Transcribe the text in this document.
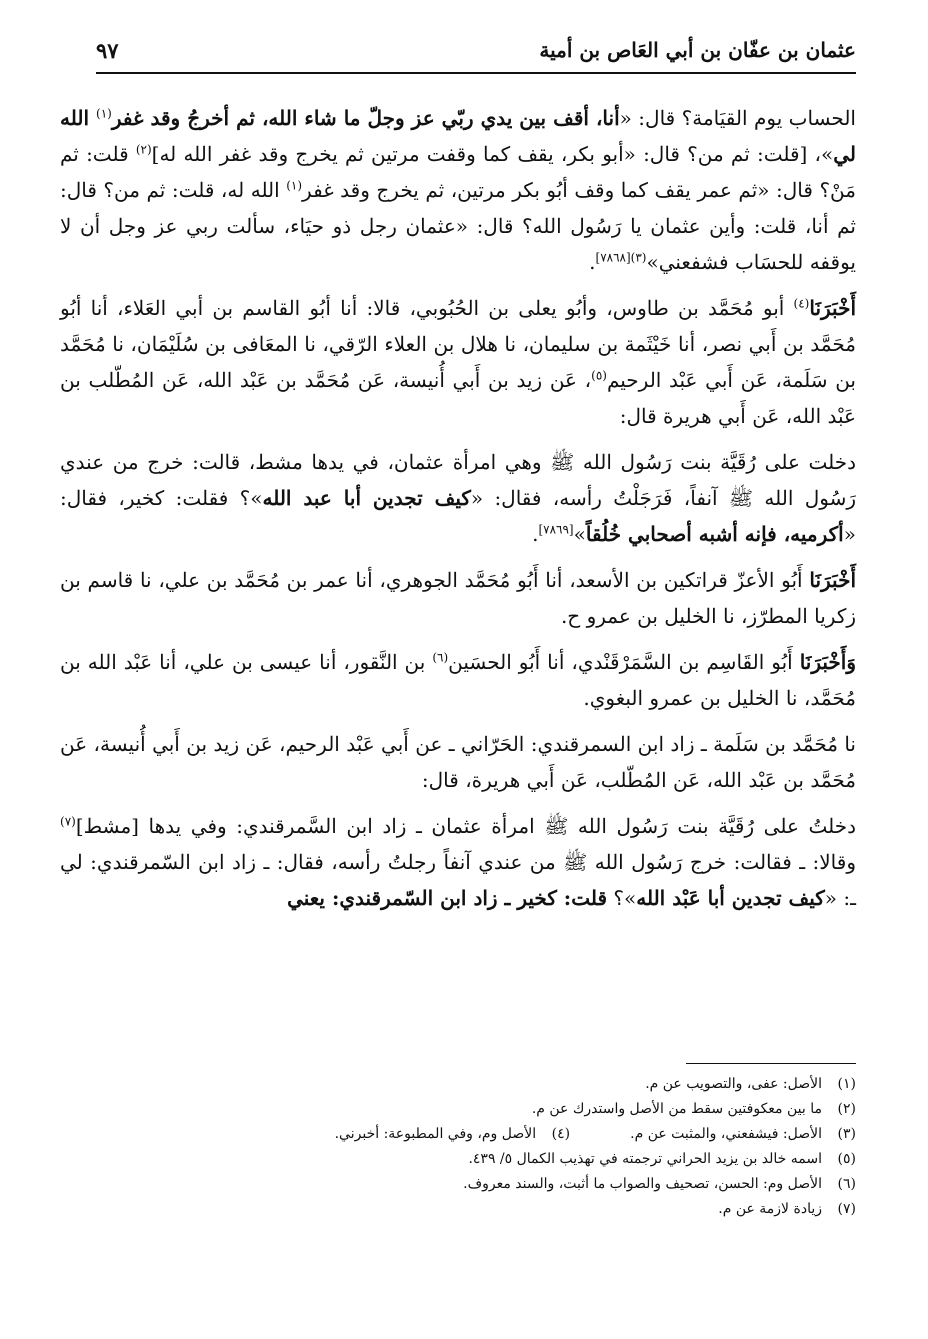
عثمان بن عفّان بن أبي العَاص بن أمية
٩٧
الحساب يوم القيَامة؟ قال: «أنا، أقف بين يدي ربّي عز وجلّ ما شاء الله، ثم أخرجُ وقد غفر$^{(١)}$ الله لي»، [قلت: ثم من؟ قال: «أبو بكر، يقف كما وقفت مرتين ثم يخرج وقد غفر الله له]$^{(٢)}$ قلت: ثم مَنْ؟ قال: «ثم عمر يقف كما وقف أبُو بكر مرتين، ثم يخرج وقد غفر$^{(١)}$ الله له، قلت: ثم من؟ قال: ثم أنا، قلت: وأين عثمان يا رَسُول الله؟ قال: «عثمان رجل ذو حيَاء، سألت ربي عز وجل أن لا يوقفه للحسَاب فشفعني»$^{(٣)[٧٨٦٨]}$.
أَخْبَرَنَا$^{(٤)}$ أبو مُحَمَّد بن طاوس، وأبُو يعلى بن الحُبُوبي، قالا: أنا أبُو القاسم بن أبي العَلاء، أنا أبُو مُحَمَّد بن أَبي نصر، أنا خَيْثَمة بن سليمان، نا هلال بن العلاء الرّقي، نا المعَافى بن سُلَيْمَان، نا مُحَمَّد بن سَلَمة، عَن أَبي عَبْد الرحيم$^{(٥)}$، عَن زيد بن أَبي أُنيسة، عَن مُحَمَّد بن عَبْد الله، عَن المُطّلب بن عَبْد الله، عَن أَبي هريرة قال:
دخلت على رُقَيَّة بنت رَسُول الله ﷺ وهي امرأة عثمان، في يدها مشط، قالت: خرج من عندي رَسُول الله ﷺ آنفاً، فَرَجَلْتُ رأسه، فقال: «كيف تجدين أبا عبد الله»؟ فقلت: كخير، فقال: «أكرميه، فإنه أشبه أصحابي خُلُقاً»[٧٨٦٩].
أَخْبَرَنَا أَبُو الأعزّ قراتكين بن الأسعد، أنا أَبُو مُحَمَّد الجوهري، أنا عمر بن مُحَمَّد بن علي، نا قاسم بن زكريا المطرّز، نا الخليل بن عمرو ح.
وَأَخْبَرَنَا أَبُو القَاسِم بن السَّمَرْقَنْدي، أنا أَبُو الحسَين$^{(٦)}$ بن النَّقور، أنا عيسى بن علي، أنا عَبْد الله بن مُحَمَّد، نا الخليل بن عمرو البغوي.
نا مُحَمَّد بن سَلَمة ـ زاد ابن السمرقندي: الحَرّاني ـ عن أَبي عَبْد الرحيم، عَن زيد بن أَبي أُنيسة، عَن مُحَمَّد بن عَبْد الله، عَن المُطّلب، عَن أَبي هريرة، قال:
دخلتُ على رُقَيَّة بنت رَسُول الله ﷺ امرأة عثمان ـ زاد ابن السَّمرقندي: وفي يدها [مشط]$^{(٧)}$ وقالا: ـ فقالت: خرج رَسُول الله ﷺ من عندي آنفاً رجلتُ رأسه، فقال: ـ زاد ابن السّمرقندي: لي ـ: «كيف تجدين أبا عَبْد الله»؟ قلت: كخير ـ زاد ابن السّمرقندي: يعني
(١)الأصل: عفى، والتصويب عن م.
(٢)ما بين معكوفتين سقط من الأصل واستدرك عن م.
(٣)الأصل: فيشفعني، والمثبت عن م.
(٤)الأصل وم، وفي المطبوعة: أخبرني.
(٥)اسمه خالد بن يزيد الحراني ترجمته في تهذيب الكمال ٥/ ٤٣٩.
(٦)الأصل وم: الحسن، تصحيف والصواب ما أثبت، والسند معروف.
(٧)زيادة لازمة عن م.
